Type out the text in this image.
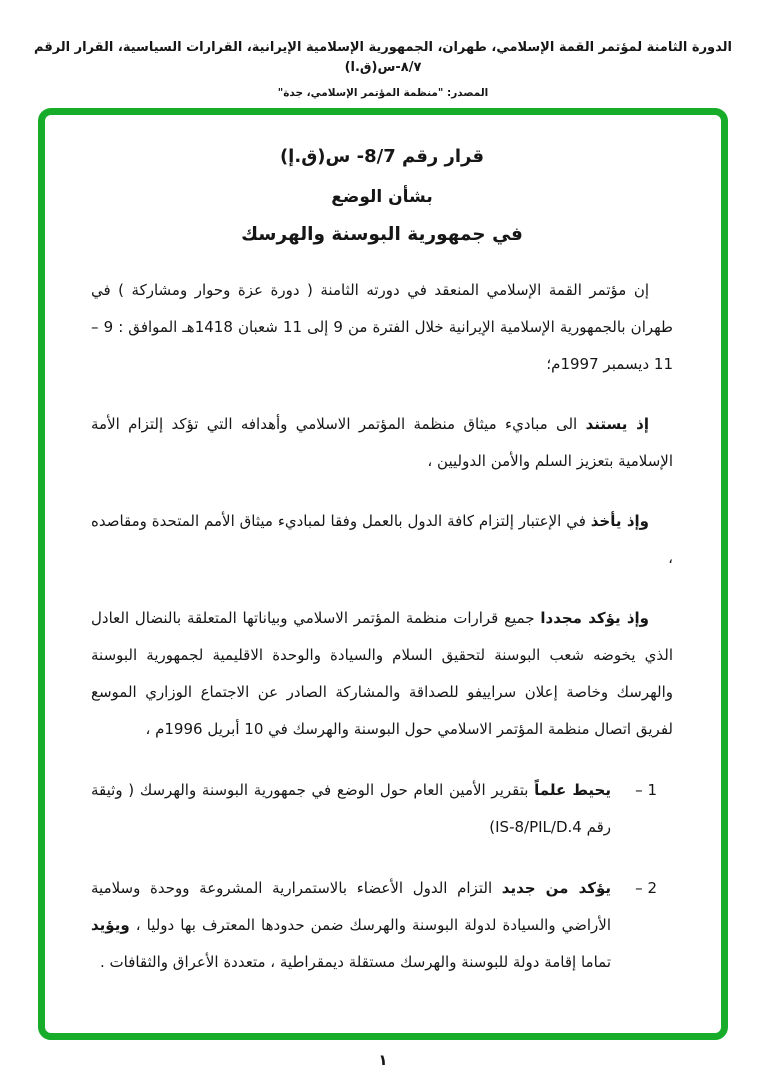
الدورة الثامنة لمؤتمر القمة الإسلامي، طهران، الجمهورية الإسلامية الإيرانية، القرارات السياسية، القرار الرقم ٨/٧-س(ق.ا)
المصدر: "منظمة المؤتمر الإسلامي، جدة"
قرار رقم 8/7- س(ق.إ)
بشأن الوضع
في جمهورية البوسنة والهرسك

إن مؤتمر القمة الإسلامي المنعقد في دورته الثامنة ( دورة عزة وحوار ومشاركة ) في طهران بالجمهورية الإسلامية الإيرانية خلال الفترة من 9 إلى 11 شعبان 1418هـ الموافق : 9 – 11 ديسمبر 1997م؛

إذ يستند الى مباديء ميثاق منظمة المؤتمر الاسلامي وأهدافه التي تؤكد إلتزام الأمة الإسلامية بتعزيز السلم والأمن الدوليين ،

وإذ يأخذ في الإعتبار إلتزام كافة الدول بالعمل وفقا لمباديء ميثاق الأمم المتحدة ومقاصده ،

وإذ يؤكد مجددا جميع قرارات منظمة المؤتمر الاسلامي وبياناتها المتعلقة بالنضال العادل الذي يخوضه شعب البوسنة لتحقيق السلام والسيادة والوحدة الاقليمية لجمهورية البوسنة والهرسك وخاصة إعلان سراييفو للصداقة والمشاركة الصادر عن الاجتماع الوزاري الموسع لفريق اتصال منظمة المؤتمر الاسلامي حول البوسنة والهرسك في 10 أبريل 1996م ،

1 –

يحيط علماً بتقرير الأمين العام حول الوضع في جمهورية البوسنة والهرسك ( وثيقة رقم IS-8/PIL/D.4)

2 –

يؤكد من جديد التزام الدول الأعضاء بالاستمرارية المشروعة ووحدة وسلامية الأراضي والسيادة لدولة البوسنة والهرسك ضمن حدودها المعترف بها دوليا ، ويؤيد تماما إقامة دولة للبوسنة والهرسك مستقلة ديمقراطية ، متعددة الأعراق والثقافات .

١
